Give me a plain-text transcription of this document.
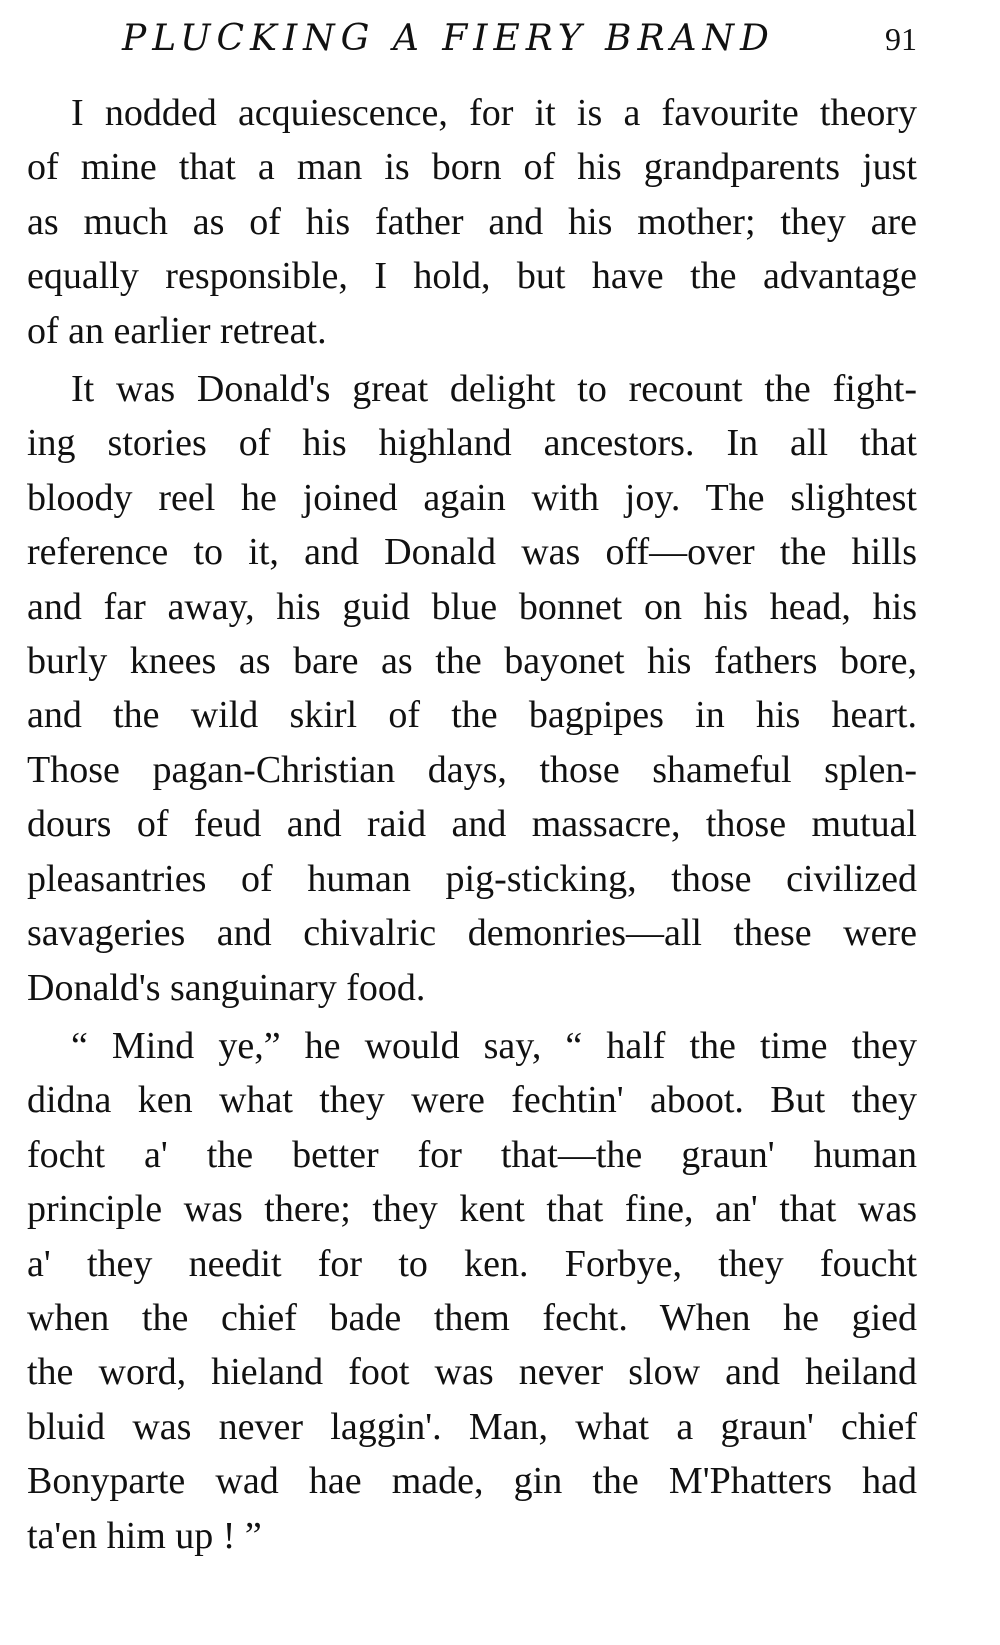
PLUCKING A FIERY BRAND	91
I nodded acquiescence, for it is a favourite theory
of mine that a man is born of his grandparents just
as much as of his father and his mother; they are
equally responsible, I hold, but have the advantage
of an earlier retreat.
It was Donald's great delight to recount the fight-
ing stories of his highland ancestors. In all that
bloody reel he joined again with joy. The slightest
reference to it, and Donald was off—over the hills
and far away, his guid blue bonnet on his head, his
burly knees as bare as the bayonet his fathers bore,
and the wild skirl of the bagpipes in his heart.
Those pagan-Christian days, those shameful splen-
dours of feud and raid and massacre, those mutual
pleasantries of human pig-sticking, those civilized
savageries and chivalric demonries—all these were
Donald's sanguinary food.
“ Mind ye,” he would say, “ half the time they
didna ken what they were fechtin' aboot. But they
focht a' the better for that—the graun' human
principle was there; they kent that fine, an' that was
a' they needit for to ken. Forbye, they foucht
when the chief bade them fecht. When he gied
the word, hieland foot was never slow and heiland
bluid was never laggin'. Man, what a graun' chief
Bonyparte wad hae made, gin the M'Phatters had
ta'en him up ! ”
